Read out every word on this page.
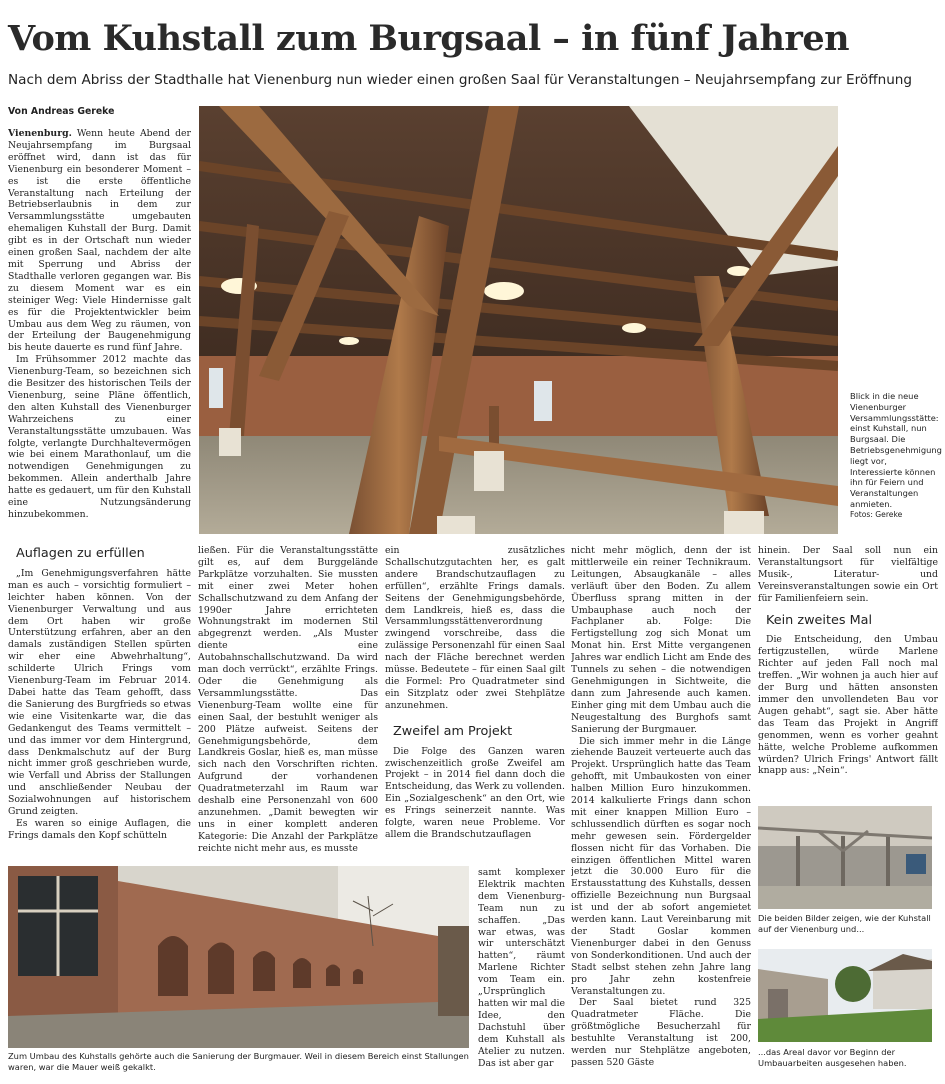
Vom Kuhstall zum Burgsaal – in fünf Jahren
Nach dem Abriss der Stadthalle hat Vienenburg nun wieder einen großen Saal für Veranstaltungen – Neujahrsempfang zur Eröffnung
Von Andreas Gereke
Blick in die neue Vienenburger Versammlungsstätte: einst Kuhstall, nun Burgsaal. Die Betriebsgenehmigung liegt vor, Interessierte können ihn für Feiern und Veranstaltungen anmieten.
Fotos: Gereke

Vienenburg. Wenn heute Abend der Neujahrsempfang im Burgsaal eröffnet wird, dann ist das für Vienenburg ein besonderer Moment – es ist die erste öffentliche Veranstaltung nach Erteilung der Betriebserlaubnis in dem zur Versammlungsstätte umgebauten ehemaligen Kuhstall der Burg. Damit gibt es in der Ortschaft nun wieder einen großen Saal, nachdem der alte mit Sperrung und Abriss der Stadthalle verloren gegangen war. Bis zu diesem Moment war es ein steiniger Weg: Viele Hindernisse galt es für die Projektentwickler beim Umbau aus dem Weg zu räumen, von der Erteilung der Baugenehmigung bis heute dauerte es rund fünf Jahre.

Im Frühsommer 2012 machte das Vienenburg-Team, so bezeichnen sich die Besitzer des historischen Teils der Vienenburg, seine Pläne öffentlich, den alten Kuhstall des Vienenburger Wahrzeichens zu einer Veranstaltungsstätte umzubauen. Was folgte, verlangte Durchhaltevermögen wie bei einem Marathonlauf, um die notwendigen Genehmigungen zu bekommen. Allein anderthalb Jahre hatte es gedauert, um für den Kuhstall eine Nutzungsänderung hinzubekommen.

Auflagen zu erfüllen

„Im Genehmigungsverfahren hätte man es auch – vorsichtig formuliert – leichter haben können. Von der Vienenburger Verwaltung und aus dem Ort haben wir große Unterstützung erfahren, aber an den damals zuständigen Stellen spürten wir eher eine Abwehrhaltung“, schilderte Ulrich Frings vom Vienenburg-Team im Februar 2014. Dabei hatte das Team gehofft, dass die Sanierung des Burgfrieds so etwas wie eine Visitenkarte war, die das Gedankengut des Teams vermittelt – und das immer vor dem Hintergrund, dass Denkmalschutz auf der Burg nicht immer groß geschrieben wurde, wie Verfall und Abriss der Stallungen und anschließender Neubau der Sozialwohnungen auf historischem Grund zeigten.

Es waren so einige Auflagen, die Frings damals den Kopf schütteln

ließen. Für die Veranstaltungsstätte gilt es, auf dem Burggelände Parkplätze vorzuhalten. Sie mussten mit einer zwei Meter hohen Schallschutzwand zu dem Anfang der 1990er Jahre errichteten Wohnungstrakt im modernen Stil abgegrenzt werden. „Als Muster diente eine Autobahnschallschutzwand. Da wird man doch verrückt“, erzählte Frings. Oder die Genehmigung als Versammlungsstätte. Das Vienenburg-Team wollte eine für einen Saal, der bestuhlt weniger als 200 Plätze aufweist. Seitens der Genehmigungsbehörde, dem Landkreis Goslar, hieß es, man müsse sich nach den Vorschriften richten. Aufgrund der vorhandenen Quadratmeterzahl im Raum war deshalb eine Personenzahl von 600 anzunehmen. „Damit bewegten wir uns in einer komplett anderen Kategorie: Die Anzahl der Parkplätze reichte nicht mehr aus, es musste

ein zusätzliches Schallschutzgutachten her, es galt andere Brandschutzauflagen zu erfüllen“, erzählte Frings damals. Seitens der Genehmigungsbehörde, dem Landkreis, hieß es, dass die Versammlungsstättenverordnung zwingend vorschreibe, dass die zulässige Personenzahl für einen Saal nach der Fläche berechnet werden müsse. Bedeutete – für einen Saal gilt die Formel: Pro Quadratmeter sind ein Sitzplatz oder zwei Stehplätze anzunehmen.

Zweifel am Projekt

Die Folge des Ganzen waren zwischenzeitlich große Zweifel am Projekt – in 2014 fiel dann doch die Entscheidung, das Werk zu vollenden. Ein „Sozialgeschenk“ an den Ort, wie es Frings seinerzeit nannte. Was folgte, waren neue Probleme. Vor allem die Brandschutzauflagen

samt komplexer Elektrik machten dem Vienenburg-Team nun zu schaffen. „Das war etwas, was wir unterschätzt hatten“, räumt Marlene Richter vom Team ein. „Ursprünglich hatten wir mal die Idee, den Dachstuhl über dem Kuhstall als Atelier zu nutzen. Das ist aber gar

nicht mehr möglich, denn der ist mittlerweile ein reiner Technikraum. Leitungen, Absaugkanäle – alles verläuft über den Boden. Zu allem Überfluss sprang mitten in der Umbauphase auch noch der Fachplaner ab. Folge: Die Fertigstellung zog sich Monat um Monat hin. Erst Mitte vergangenen Jahres war endlich Licht am Ende des Tunnels zu sehen – die notwendigen Genehmigungen in Sichtweite, die dann zum Jahresende auch kamen. Einher ging mit dem Umbau auch die Neugestaltung des Burghofs samt Sanierung der Burgmauer.

Die sich immer mehr in die Länge ziehende Bauzeit verteuerte auch das Projekt. Ursprünglich hatte das Team gehofft, mit Umbaukosten von einer halben Million Euro hinzukommen. 2014 kalkulierte Frings dann schon mit einer knappen Million Euro – schlussendlich dürften es sogar noch mehr gewesen sein. Fördergelder flossen nicht für das Vorhaben. Die einzigen öffentlichen Mittel waren jetzt die 30.000 Euro für die Erstausstattung des Kuhstalls, dessen offizielle Bezeichnung nun Burgsaal ist und der ab sofort angemietet werden kann. Laut Vereinbarung mit der Stadt Goslar kommen Vienenburger dabei in den Genuss von Sonderkonditionen. Und auch der Stadt selbst stehen zehn Jahre lang pro Jahr zehn kostenfreie Veranstaltungen zu.

Der Saal bietet rund 325 Quadratmeter Fläche. Die größtmögliche Besucherzahl für bestuhlte Veranstaltung ist 200, werden nur Stehplätze angeboten, passen 520 Gäste

hinein. Der Saal soll nun ein Veranstaltungsort für vielfältige Musik-, Literatur- und Vereinsveranstaltungen sowie ein Ort für Familienfeiern sein.

Kein zweites Mal

Die Entscheidung, den Umbau fertigzustellen, würde Marlene Richter auf jeden Fall noch mal treffen. „Wir wohnen ja auch hier auf der Burg und hätten ansonsten immer den unvollendeten Bau vor Augen gehabt“, sagt sie. Aber hätte das Team das Projekt in Angriff genommen, wenn es vorher geahnt hätte, welche Probleme aufkommen würden? Ulrich Frings' Antwort fällt knapp aus: „Nein“.

Zum Umbau des Kuhstalls gehörte auch die Sanierung der Burgmauer. Weil in diesem Bereich einst Stallungen waren, war die Mauer weiß gekalkt.
Die beiden Bilder zeigen, wie der Kuhstall auf der Vienenburg und...
...das Areal davor vor Beginn der Umbauarbeiten ausgesehen haben.
